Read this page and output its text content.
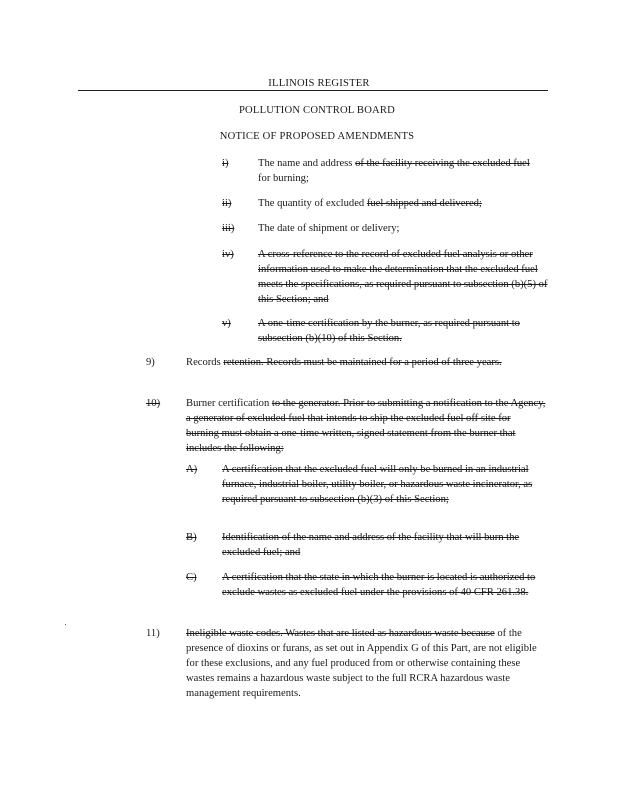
ILLINOIS REGISTER
POLLUTION CONTROL BOARD
NOTICE OF PROPOSED AMENDMENTS
i)	The name and address of the facility receiving the excluded fuel for burning;
ii)	The quantity of excluded fuel shipped and delivered;
iii)	The date of shipment or delivery;
iv)	A cross-reference to the record of excluded fuel analysis or other information used to make the determination that the excluded fuel meets the specifications, as required pursuant to subsection (b)(5) of this Section; and
v)	A one-time certification by the burner, as required pursuant to subsection (b)(10) of this Section.
9)	Records retention. Records must be maintained for a period of three years.
10)	Burner certification to the generator. Prior to submitting a notification to the Agency, a generator of excluded fuel that intends to ship the excluded fuel off site for burning must obtain a one-time written, signed statement from the burner that includes the following:
A)	A certification that the excluded fuel will only be burned in an industrial furnace, industrial boiler, utility boiler, or hazardous waste incinerator, as required pursuant to subsection (b)(3) of this Section;
B)	Identification of the name and address of the facility that will burn the excluded fuel; and
C)	A certification that the state in which the burner is located is authorized to exclude wastes as excluded fuel under the provisions of 40 CFR 261.38.
11) Ineligible waste codes. Wastes that are listed as hazardous waste because of the presence of dioxins or furans, as set out in Appendix G of this Part, are not eligible for these exclusions, and any fuel produced from or otherwise containing these wastes remains a hazardous waste subject to the full RCRA hazardous waste management requirements.
